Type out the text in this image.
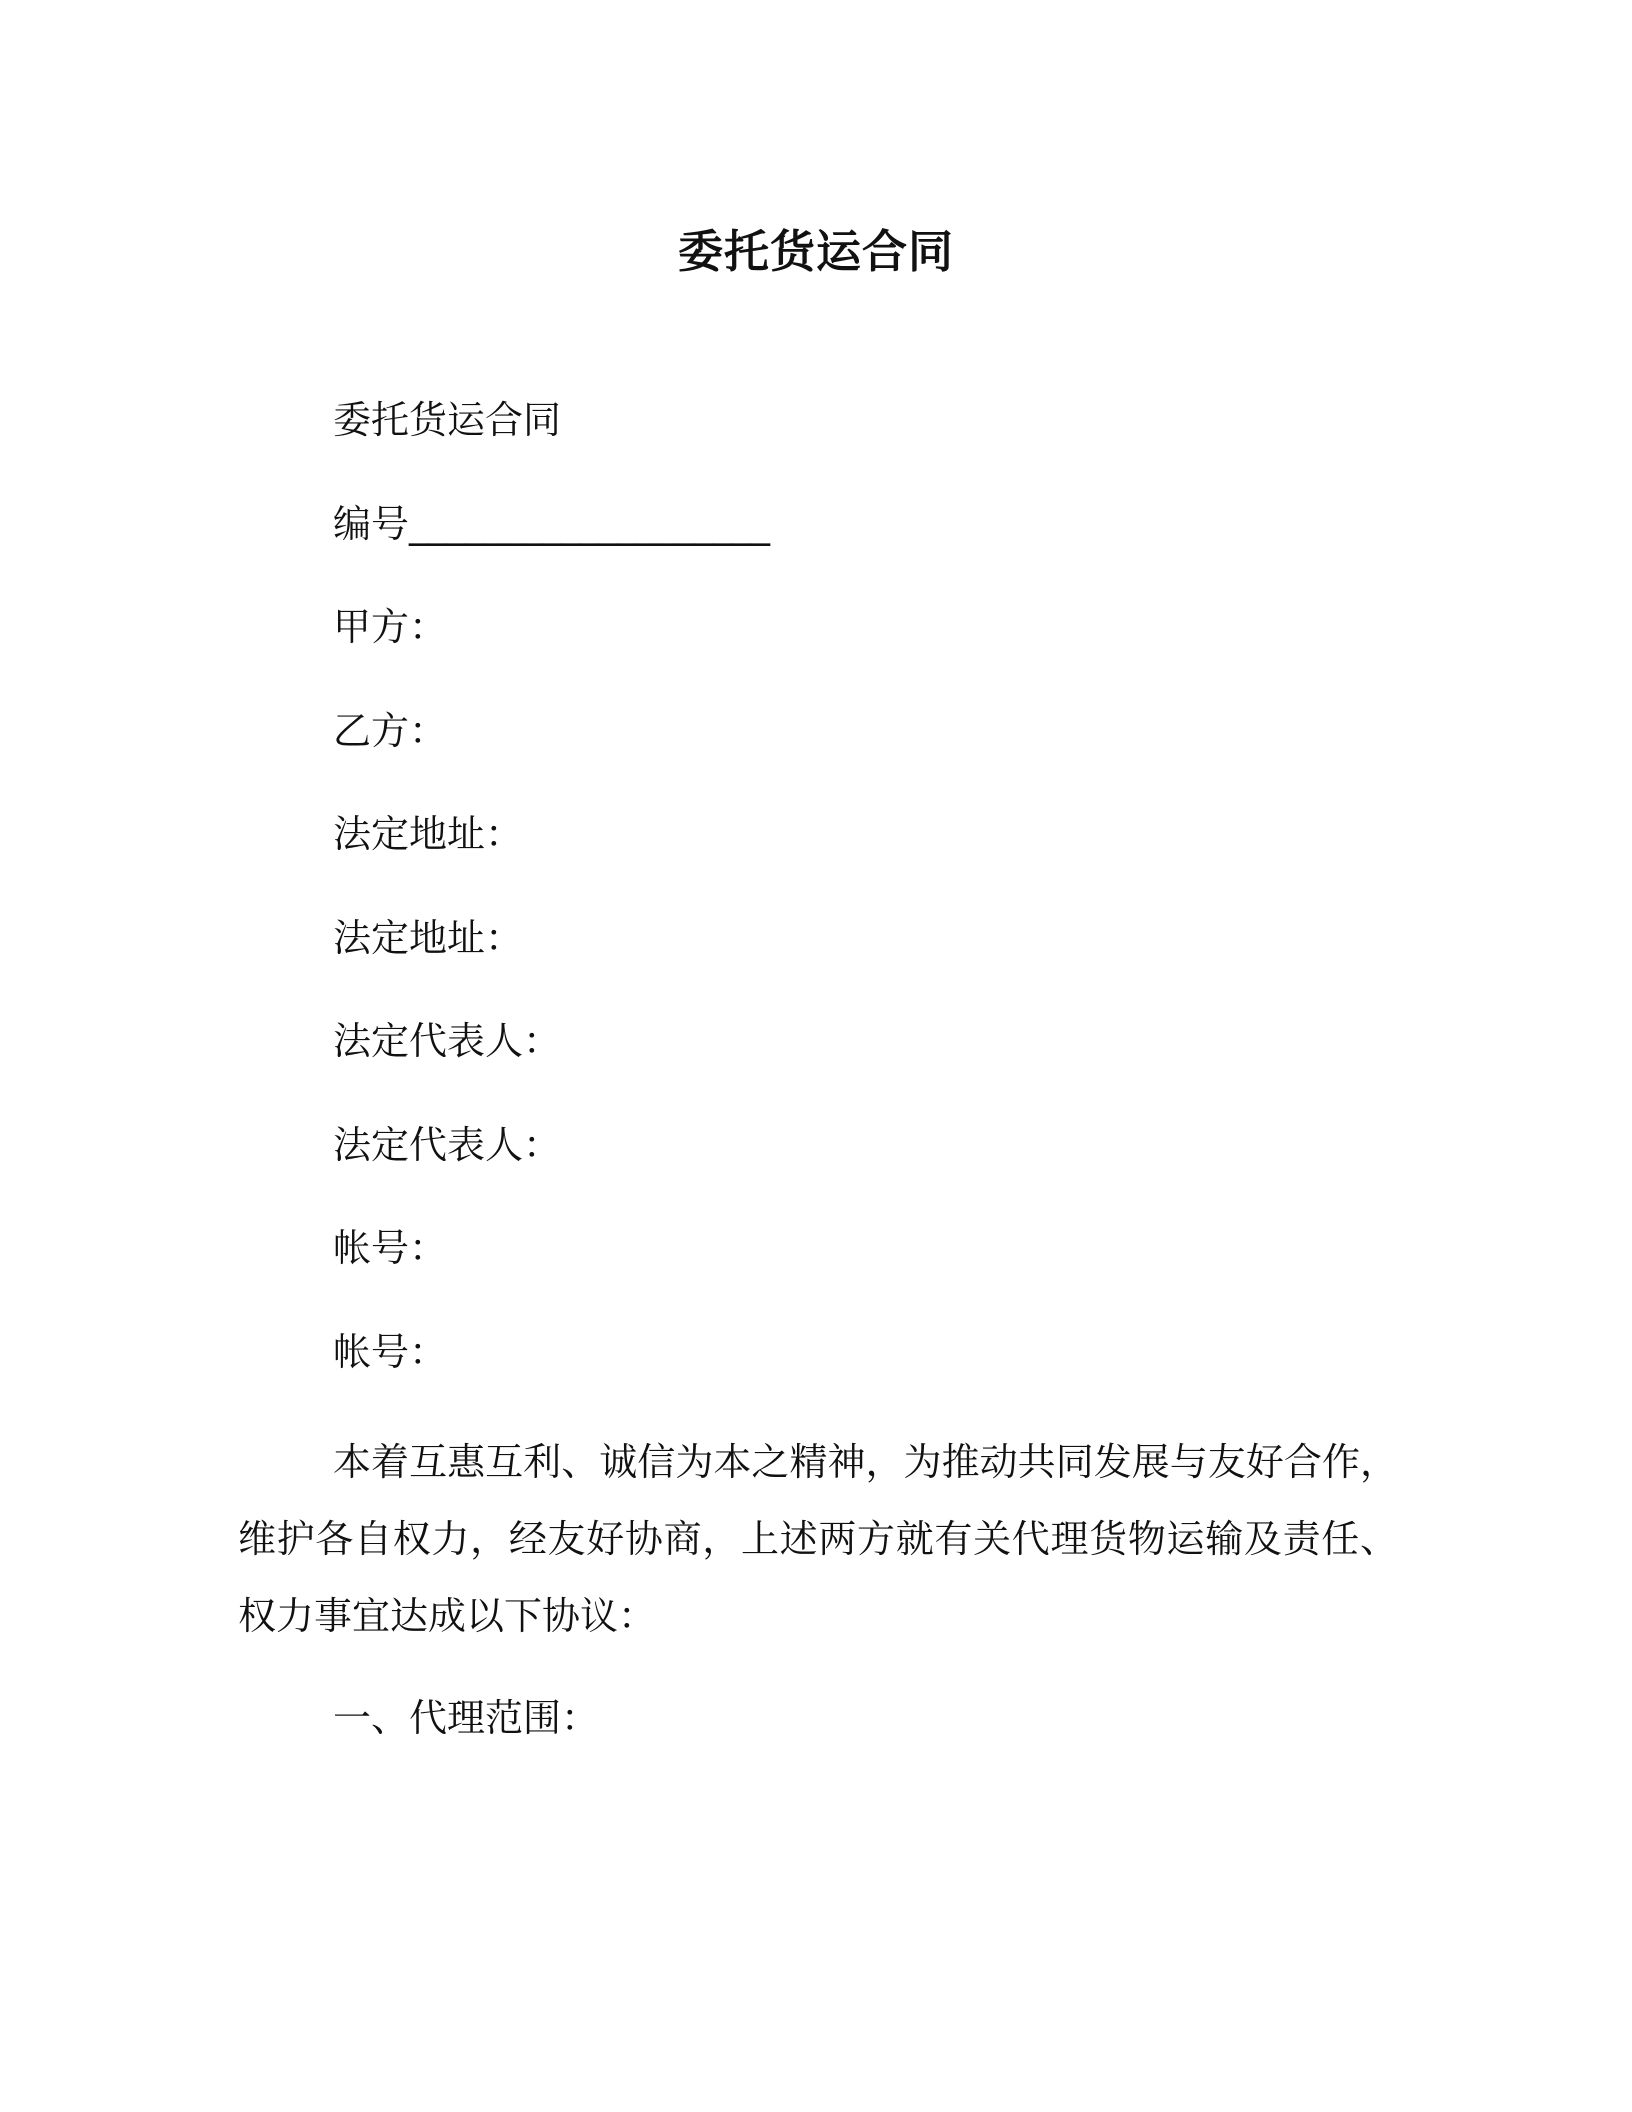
委托货运合同
委托货运合同
编号___________________
甲方：
乙方：
法定地址：
法定地址：
法定代表人：
法定代表人：
帐号：
帐号：
本着互惠互利、诚信为本之精神，为推动共同发展与友好合作，维护各自权力，经友好协商，上述两方就有关代理货物运输及责任、权力事宜达成以下协议：
一、代理范围：
